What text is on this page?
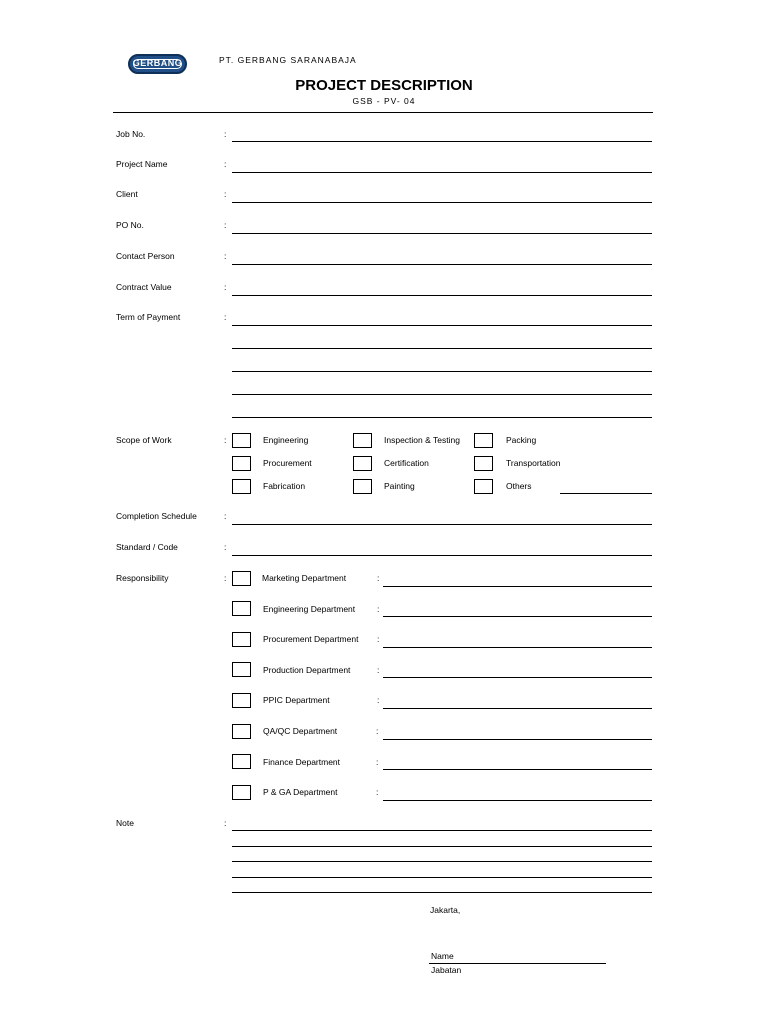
GERBANG	PT. GERBANG SARANABAJA
PROJECT DESCRIPTION
GSB - PV- 04
Job No.	:
Project Name	:
Client	:
PO No.	:
Contact Person	:
Contract Value	:
Term of Payment	:
Scope of Work	:	Engineering	Inspection & Testing	Packing
Procurement	Certification	Transportation
Fabrication	Painting	Others
Completion Schedule	:
Standard / Code	:
Responsibility	:	Marketing Department	:
Engineering Department	:
Procurement Department :
Production Department	:
PPIC Department	:
QA/QC Department	:
Finance Department	:
P & GA Department	:
Note	:
Jakarta,
Name
Jabatan
